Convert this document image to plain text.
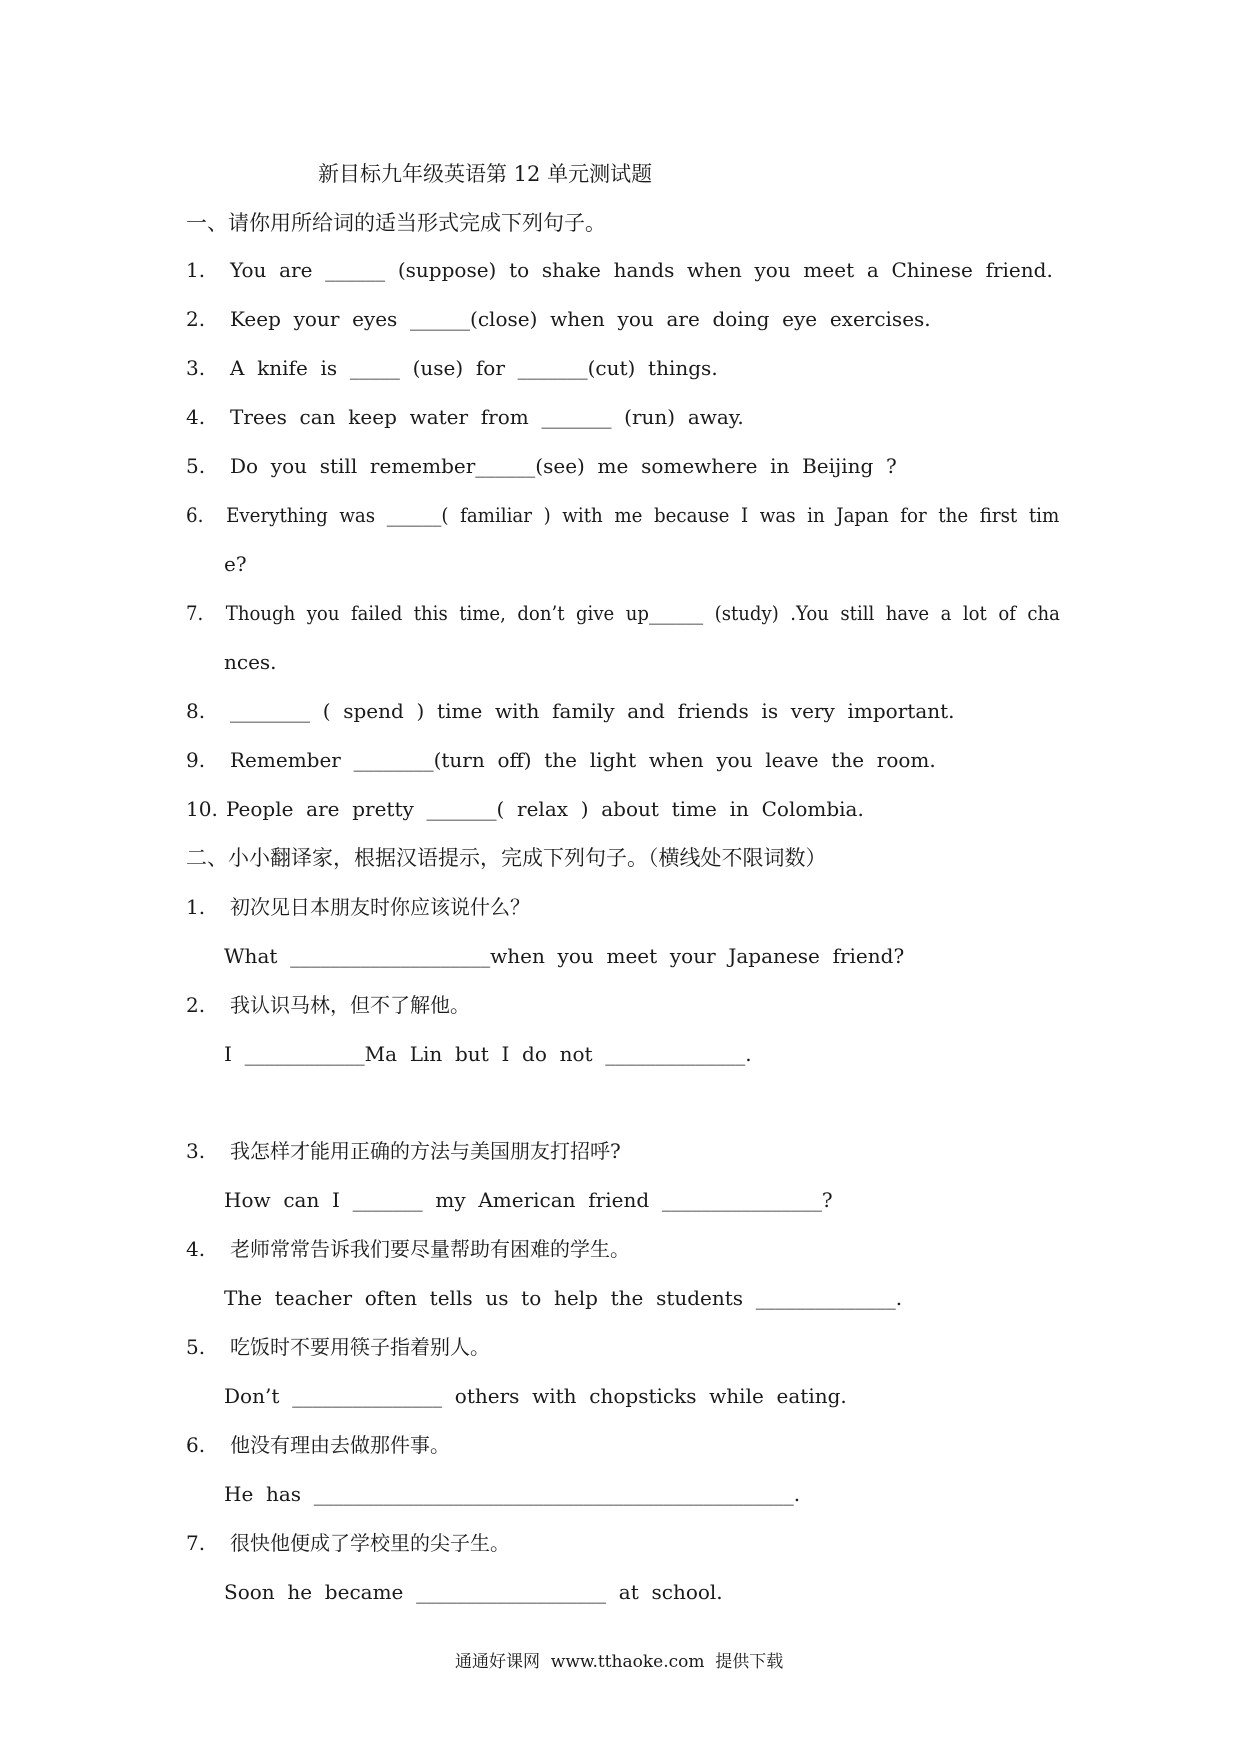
新目标九年级英语第 12 单元测试题
一、请你用所给词的适当形式完成下列句子。
1. You  are  ______  (suppose)  to  shake  hands  when  you  meet  a  Chinese  friend.
2. Keep  your  eyes  ______(close)  when  you  are  doing  eye  exercises.
3. A  knife  is  _____  (use)  for  _______(cut)  things.
4. Trees  can  keep  water  from  _______  (run)  away.
5. Do  you  still  remember______(see)  me  somewhere  in  Beijing  ?
6. Everything  was  ______(  familiar  )  with  me  because  I  was  in  Japan  for  the  first  tim
e?
7. Though  you  failed  this  time,  don’t  give  up______  (study)  .You  still  have  a  lot  of  cha
nces.
8. ________  (  spend  )  time  with  family  and  friends  is  very  important.
9. Remember  ________(turn  off)  the  light  when  you  leave  the  room.
10. People  are  pretty  _______(  relax  )  about  time  in  Colombia.
二、小小翻译家，根据汉语提示，完成下列句子。（横线处不限词数）
1. 初次见日本朋友时你应该说什么？
What  ____________________when  you  meet  your  Japanese  friend?
2. 我认识马林，但不了解他。
I  ____________Ma  Lin  but  I  do  not  ______________.
3. 我怎样才能用正确的方法与美国朋友打招呼?
How  can  I  _______  my  American  friend  ________________?
4. 老师常常告诉我们要尽量帮助有困难的学生。
The  teacher  often  tells  us  to  help  the  students  ______________.
5. 吃饭时不要用筷子指着别人。
Don’t  _______________  others  with  chopsticks  while  eating.
6. 他没有理由去做那件事。
He  has  ________________________________________________.
7. 很快他便成了学校里的尖子生。
Soon  he  became  ___________________  at  school.
通通好课网  www.tthaoke.com  提供下载
